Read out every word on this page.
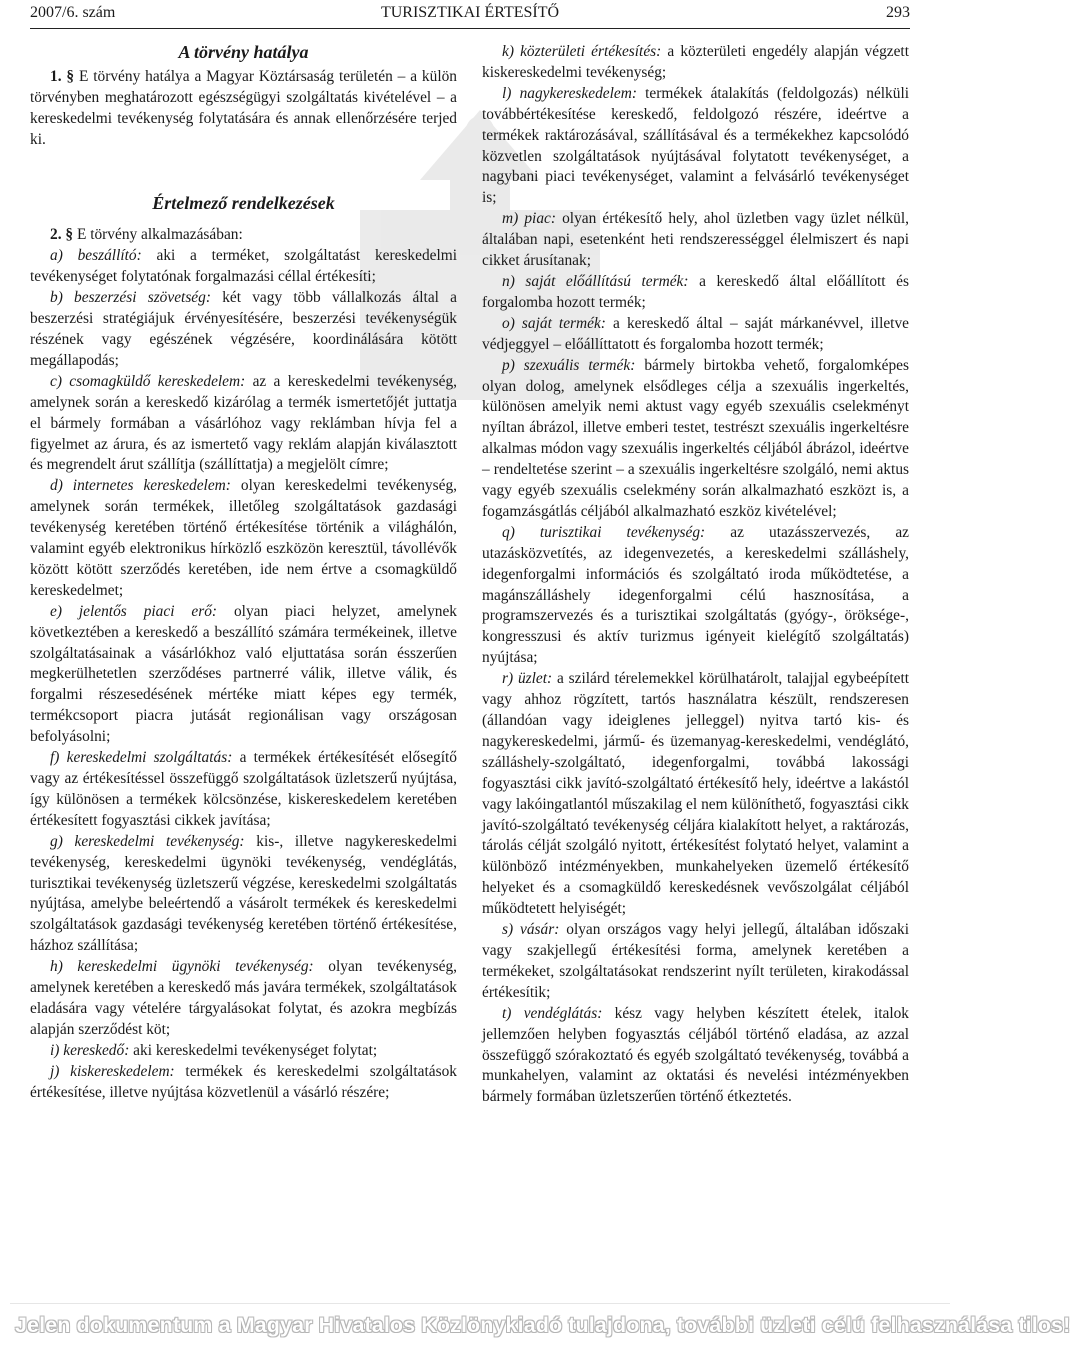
2007/6. szám	TURISZTIKAI ÉRTESÍTŐ	293
A törvény hatálya

1. § E törvény hatálya a Magyar Köztársaság területén – a külön törvényben meghatározott egészségügyi szolgáltatás kivételével – a kereskedelmi tevékenység folytatására és annak ellenőrzésére terjed ki.

Értelmező rendelkezések

2. § E törvény alkalmazásában:

a) beszállító: aki a terméket, szolgáltatást kereskedelmi tevékenységet folytatónak forgalmazási céllal értékesíti;

b) beszerzési szövetség: két vagy több vállalkozás által a beszerzési stratégiájuk érvényesítésére, beszerzési tevékenységük részének vagy egészének végzésére, koordinálására kötött megállapodás;

c) csomagküldő kereskedelem: az a kereskedelmi tevékenység, amelynek során a kereskedő kizárólag a termék ismertetőjét juttatja el bármely formában a vásárlóhoz vagy reklámban hívja fel a figyelmet az árura, és az ismertető vagy reklám alapján kiválasztott és megrendelt árut szállítja (szállíttatja) a megjelölt címre;

d) internetes kereskedelem: olyan kereskedelmi tevékenység, amelynek során termékek, illetőleg szolgáltatások gazdasági tevékenység keretében történő értékesítése történik a világhálón, valamint egyéb elektronikus hírközlő eszközön keresztül, távollévők között kötött szerződés keretében, ide nem értve a csomagküldő kereskedelmet;

e) jelentős piaci erő: olyan piaci helyzet, amelynek következtében a kereskedő a beszállító számára termékeinek, illetve szolgáltatásainak a vásárlókhoz való eljuttatása során ésszerűen megkerülhetetlen szerződéses partnerré válik, illetve válik, és forgalmi részesedésének mértéke miatt képes egy termék, termékcsoport piacra jutását regionálisan vagy országosan befolyásolni;

f) kereskedelmi szolgáltatás: a termékek értékesítését elősegítő vagy az értékesítéssel összefüggő szolgáltatások üzletszerű nyújtása, így különösen a termékek kölcsönzése, kiskereskedelem keretében értékesített fogyasztási cikkek javítása;

g) kereskedelmi tevékenység: kis-, illetve nagykereskedelmi tevékenység, kereskedelmi ügynöki tevékenység, vendéglátás, turisztikai tevékenység üzletszerű végzése, kereskedelmi szolgáltatás nyújtása, amelybe beleértendő a vásárolt termékek és kereskedelmi szolgáltatások gazdasági tevékenység keretében történő értékesítése, házhoz szállítása;

h) kereskedelmi ügynöki tevékenység: olyan tevékenység, amelynek keretében a kereskedő más javára termékek, szolgáltatások eladására vagy vételére tárgyalásokat folytat, és azokra megbízás alapján szerződést köt;

i) kereskedő: aki kereskedelmi tevékenységet folytat;

j) kiskereskedelem: termékek és kereskedelmi szolgáltatások értékesítése, illetve nyújtása közvetlenül a vásárló részére;

k) közterületi értékesítés: a közterületi engedély alapján végzett kiskereskedelmi tevékenység;

l) nagykereskedelem: termékek átalakítás (feldolgozás) nélküli továbbértékesítése kereskedő, feldolgozó részére, ideértve a termékek raktározásával, szállításával és a termékekhez kapcsolódó közvetlen szolgáltatások nyújtásával folytatott tevékenységet, a nagybani piaci tevékenységet, valamint a felvásárló tevékenységet is;

m) piac: olyan értékesítő hely, ahol üzletben vagy üzlet nélkül, általában napi, esetenként heti rendszerességgel élelmiszert és napi cikket árusítanak;

n) saját előállítású termék: a kereskedő által előállított és forgalomba hozott termék;

o) saját termék: a kereskedő által – saját márkanévvel, illetve védjeggyel – előállíttatott és forgalomba hozott termék;

p) szexuális termék: bármely birtokba vehető, forgalomképes olyan dolog, amelynek elsődleges célja a szexuális ingerkeltés, különösen amelyik nemi aktust vagy egyéb szexuális cselekményt nyíltan ábrázol, illetve emberi testet, testrészt szexuális ingerkeltésre alkalmas módon vagy szexuális ingerkeltés céljából ábrázol, ideértve – rendeltetése szerint – a szexuális ingerkeltésre szolgáló, nemi aktus vagy egyéb szexuális cselekmény során alkalmazható eszközt is, a fogamzásgátlás céljából alkalmazható eszköz kivételével;

q) turisztikai tevékenység: az utazásszervezés, az utazásközvetítés, az idegenvezetés, a kereskedelmi szálláshely, idegenforgalmi információs és szolgáltató iroda működtetése, a magánszálláshely idegenforgalmi célú hasznosítása, a programszervezés és a turisztikai szolgáltatás (gyógy-, öröksége-, kongresszusi és aktív turizmus igényeit kielégítő szolgáltatás) nyújtása;

r) üzlet: a szilárd térelemekkel körülhatárolt, talajjal egybeépített vagy ahhoz rögzített, tartós használatra készült, rendszeresen (állandóan vagy ideiglenes jelleggel) nyitva tartó kis- és nagykereskedelmi, jármű- és üzemanyag-kereskedelmi, vendéglátó, szálláshely-szolgáltató, idegenforgalmi, továbbá lakossági fogyasztási cikk javító-szolgáltató értékesítő hely, ideértve a lakástól vagy lakóingatlantól műszakilag el nem különíthető, fogyasztási cikk javító-szolgáltató tevékenység céljára kialakított helyet, a raktározás, tárolás célját szolgáló nyitott, értékesítést folytató helyet, valamint a különböző intézményekben, munkahelyeken üzemelő értékesítő helyeket és a csomagküldő kereskedésnek vevőszolgálat céljából működtetett helyiségét;

s) vásár: olyan országos vagy helyi jellegű, általában időszaki vagy szakjellegű értékesítési forma, amelynek keretében a termékeket, szolgáltatásokat rendszerint nyílt területen, kirakodással értékesítik;

t) vendéglátás: kész vagy helyben készített ételek, italok jellemzően helyben fogyasztás céljából történő eladása, az azzal összefüggő szórakoztató és egyéb szolgáltató tevékenység, továbbá a munkahelyen, valamint az oktatási és nevelési intézményekben bármely formában üzletszerűen történő étkeztetés.

Jelen dokumentum a Magyar Hivatalos Közlönykiadó tulajdona, további üzleti célú felhasználása tilos!
